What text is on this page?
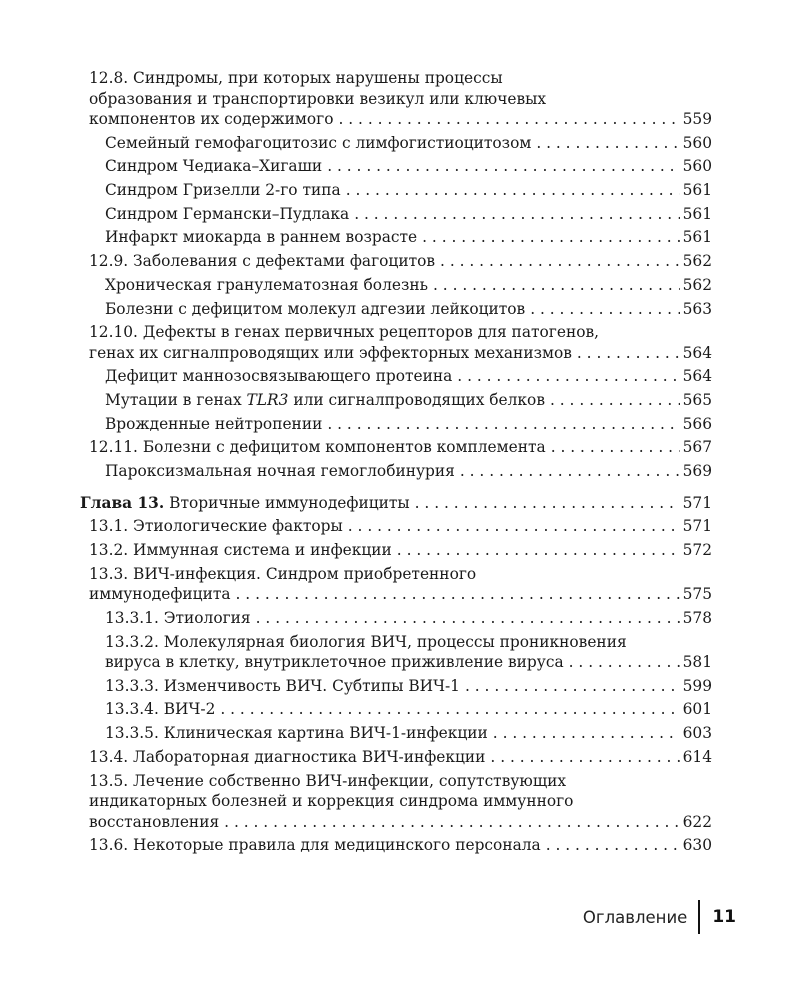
12.8. Синдромы, при которых нарушены процессы
образования и транспортировки везикул или ключевых
компонентов их содержимого . . .	559
Семейный гемофагоцитозис с лимфогистиоцитозом . . .	560
Синдром Чедиака–Хигаши . . .	560
Синдром Гризелли 2-го типа . . .	561
Синдром Германски–Пудлака . . .	561
Инфаркт миокарда в раннем возрасте . . .	561
12.9. Заболевания с дефектами фагоцитов . . .	562
Хроническая гранулематозная болезнь . . .	562
Болезни с дефицитом молекул адгезии лейкоцитов . . .	563
12.10. Дефекты в генах первичных рецепторов для патогенов,
генах их сигналпроводящих или эффекторных механизмов . . .	564
Дефицит маннозосвязывающего протеина . . .	564
Мутации в генах TLR3 или сигналпроводящих белков . . .	565
Врожденные нейтропении . . .	566
12.11. Болезни с дефицитом компонентов комплемента . . .	567
Пароксизмальная ночная гемоглобинурия . . .	569
Глава 13. Вторичные иммунодефициты . . .	571
13.1. Этиологические факторы . . .	571
13.2. Иммунная система и инфекции . . .	572
13.3. ВИЧ-инфекция. Синдром приобретенного
иммунодефицита . . .	575
13.3.1. Этиология . . .	578
13.3.2. Молекулярная биология ВИЧ, процессы проникновения
вируса в клетку, внутриклеточное приживление вируса . . .	581
13.3.3. Изменчивость ВИЧ. Субтипы ВИЧ-1 . . .	599
13.3.4. ВИЧ-2 . . .	601
13.3.5. Клиническая картина ВИЧ-1-инфекции . . .	603
13.4. Лабораторная диагностика ВИЧ-инфекции . . .	614
13.5. Лечение собственно ВИЧ-инфекции, сопутствующих
индикаторных болезней и коррекция синдрома иммунного
восстановления . . .	622
13.6. Некоторые правила для медицинского персонала . . .	630
Оглавление 11
